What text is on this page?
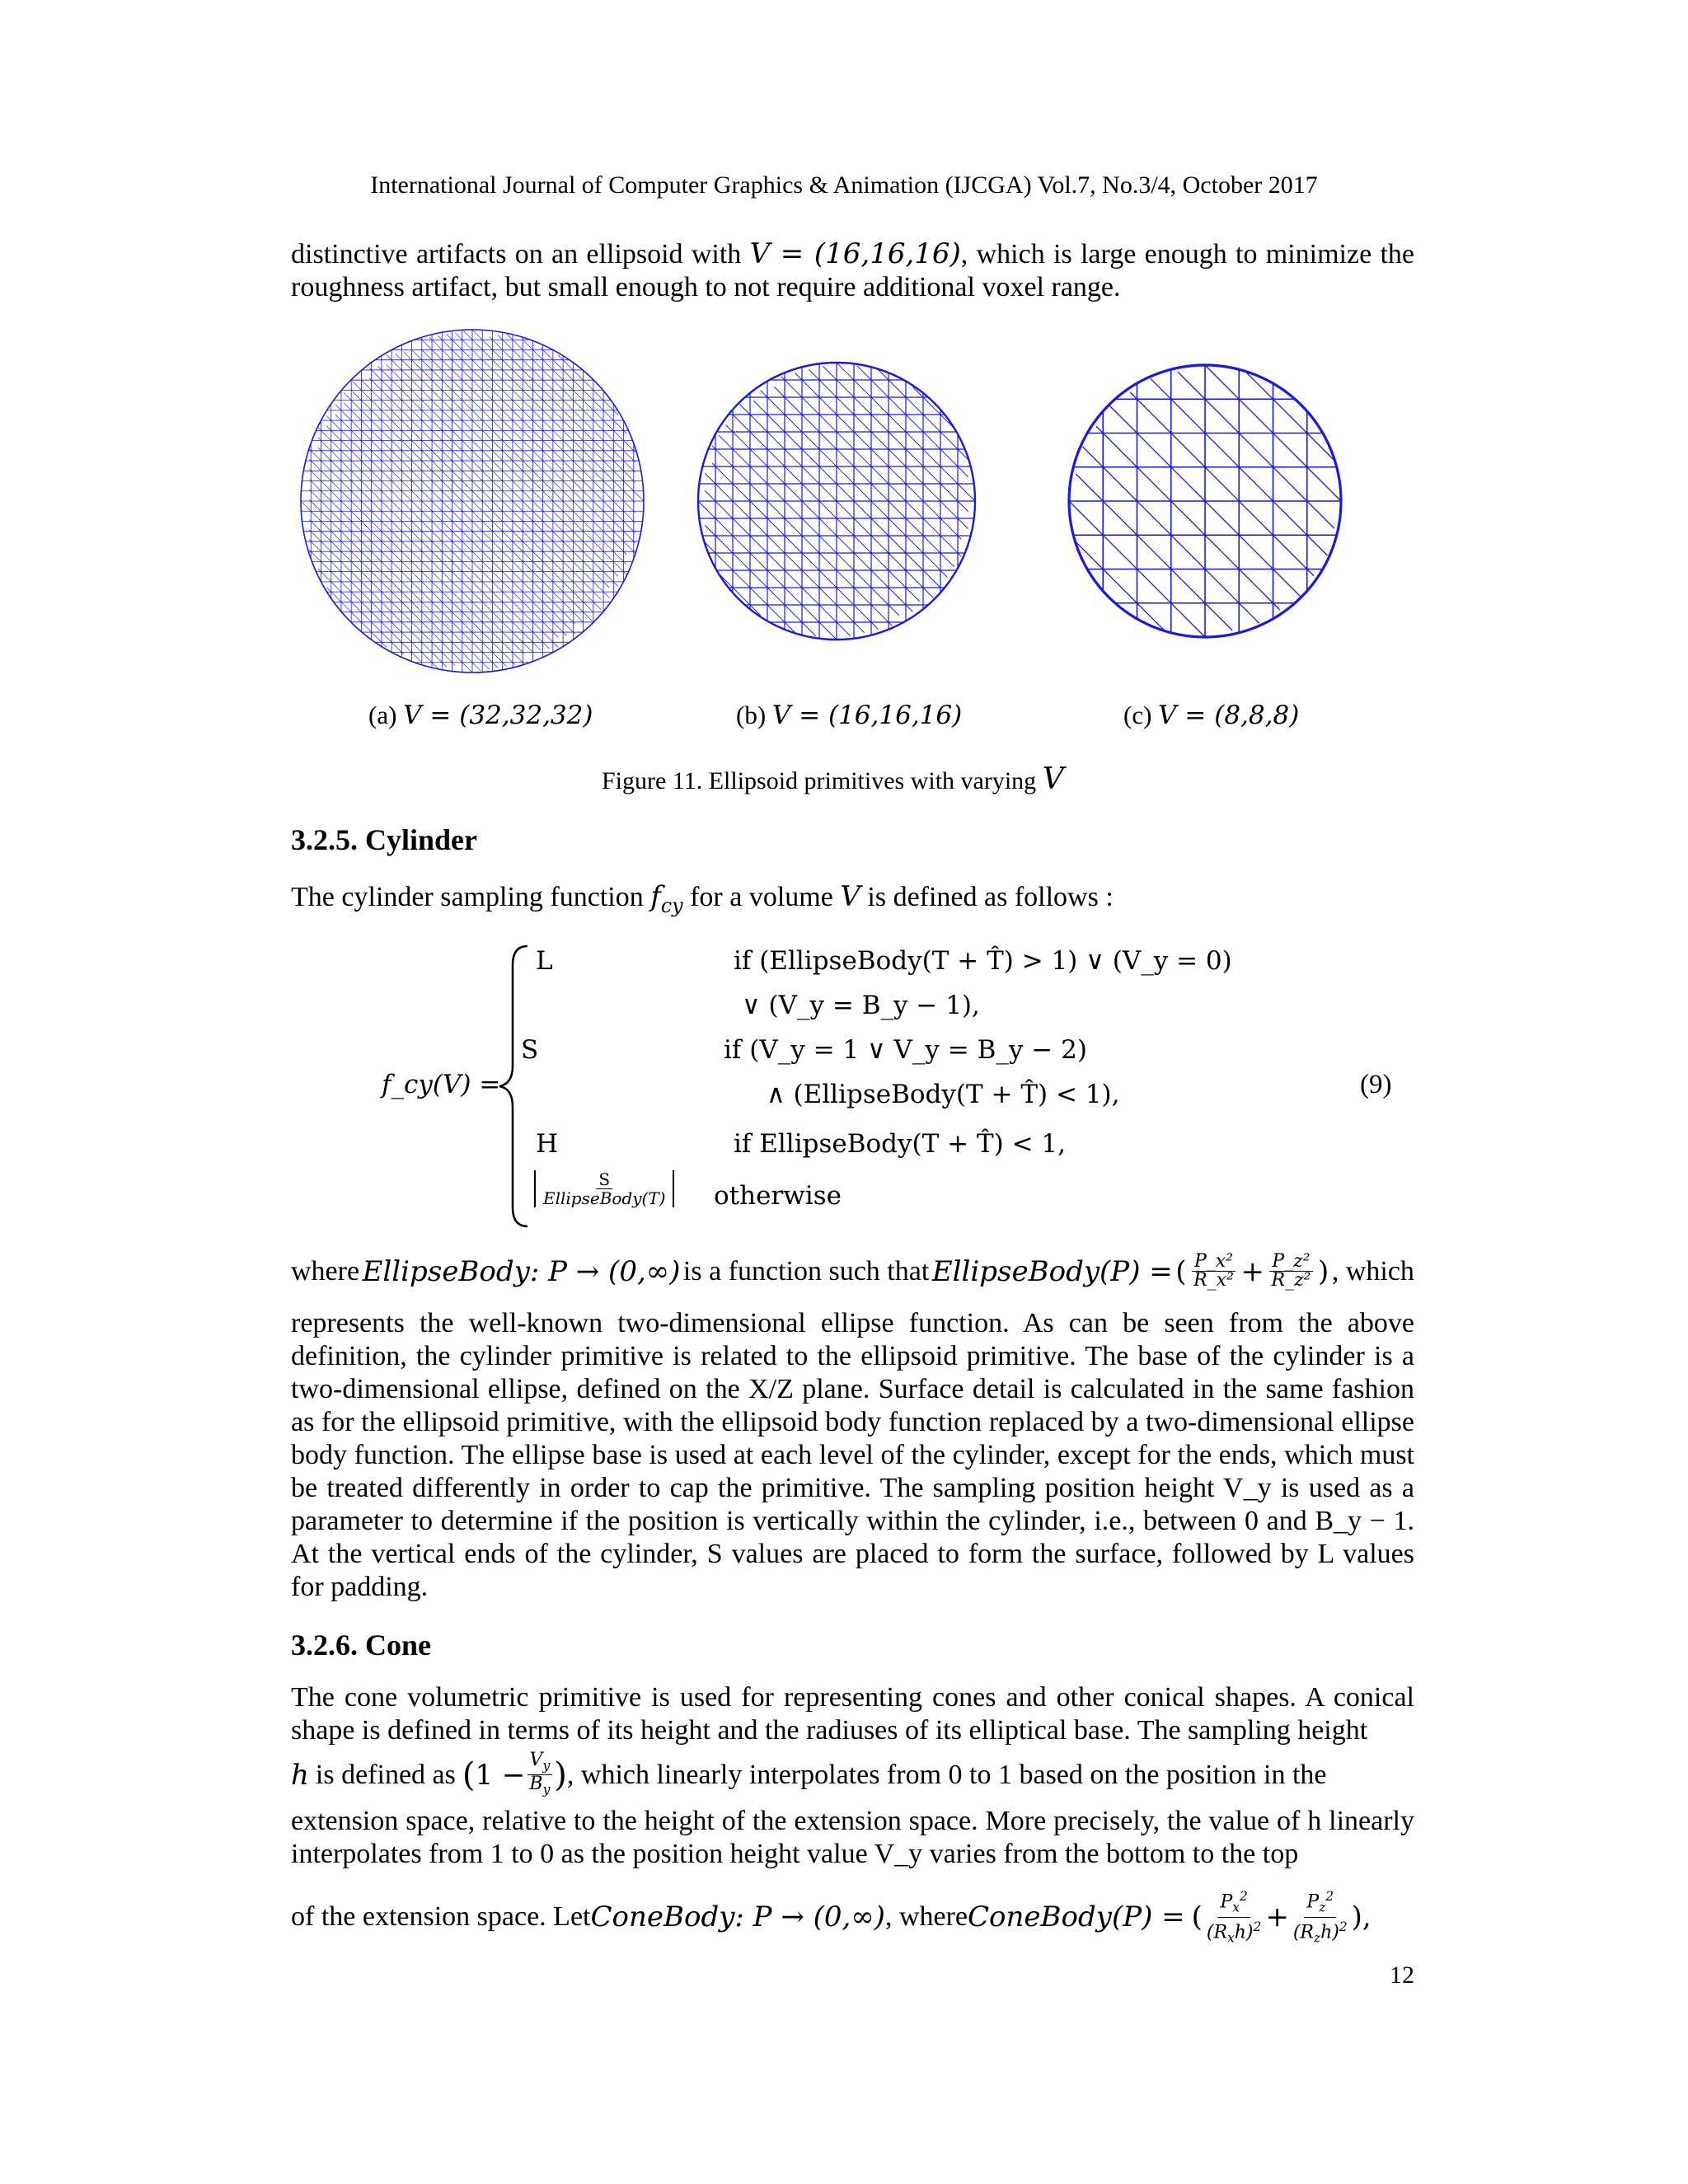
International Journal of Computer Graphics & Animation (IJCGA) Vol.7, No.3/4, October 2017
distinctive artifacts on an ellipsoid with V = (16,16,16), which is large enough to minimize the
roughness artifact, but small enough to not require additional voxel range.
(a) V = (32,32,32)	(b) V = (16,16,16)	(c) V = (8,8,8)
Figure 11. Ellipsoid primitives with varying V
3.2.5. Cylinder
The cylinder sampling function $f_{cy}$ for a volume V is defined as follows :
f_cy(V) =
L	if (EllipseBody(T + T̂) > 1) ∨ (V_y = 0)
∨ (V_y = B_y − 1),
S	if (V_y = 1 ∨ V_y = B_y − 2)
∧ (EllipseBody(T + T̂) < 1),
H	if EllipseBody(T + T̂) < 1,
$\frac{S}{\text{EllipseBody(T)}}$ otherwise
(9)
where EllipseBody: P → (0,∞) is a function such that EllipseBody(P) = ( $\frac{\text{P\_x²}}{\text{R\_x²}} + \frac{\text{P\_z²}}{\text{R\_z²}}$ ) , which
represents the well-known two-dimensional ellipse function. As can be seen from the above definition, the cylinder primitive is related to the ellipsoid primitive. The base of the cylinder is a two-dimensional ellipse, defined on the X/Z plane. Surface detail is calculated in the same fashion as for the ellipsoid primitive, with the ellipsoid body function replaced by a two-dimensional ellipse body function. The ellipse base is used at each level of the cylinder, except for the ends, which must be treated differently in order to cap the primitive. The sampling position height V_y is used as a parameter to determine if the position is vertically within the cylinder, i.e., between 0 and B_y − 1. At the vertical ends of the cylinder, S values are placed to form the surface, followed by L values for padding.
3.2.6. Cone
The cone volumetric primitive is used for representing cones and other conical shapes. A conical shape is defined in terms of its height and the radiuses of its elliptical base. The sampling height
h is defined as ( $1 - \frac{V_y}{B_y}$ ) , which linearly interpolates from 0 to 1 based on the position in the
extension space, relative to the height of the extension space. More precisely, the value of h linearly interpolates from 1 to 0 as the position height value V_y varies from the bottom to the top
of the extension space. Let ConeBody: P → (0,∞) , where ConeBody(P) = ( $\frac{P_x^2}{(R_xh)^2} + \frac{P_z^2}{(R_zh)^2}$ ),
12
